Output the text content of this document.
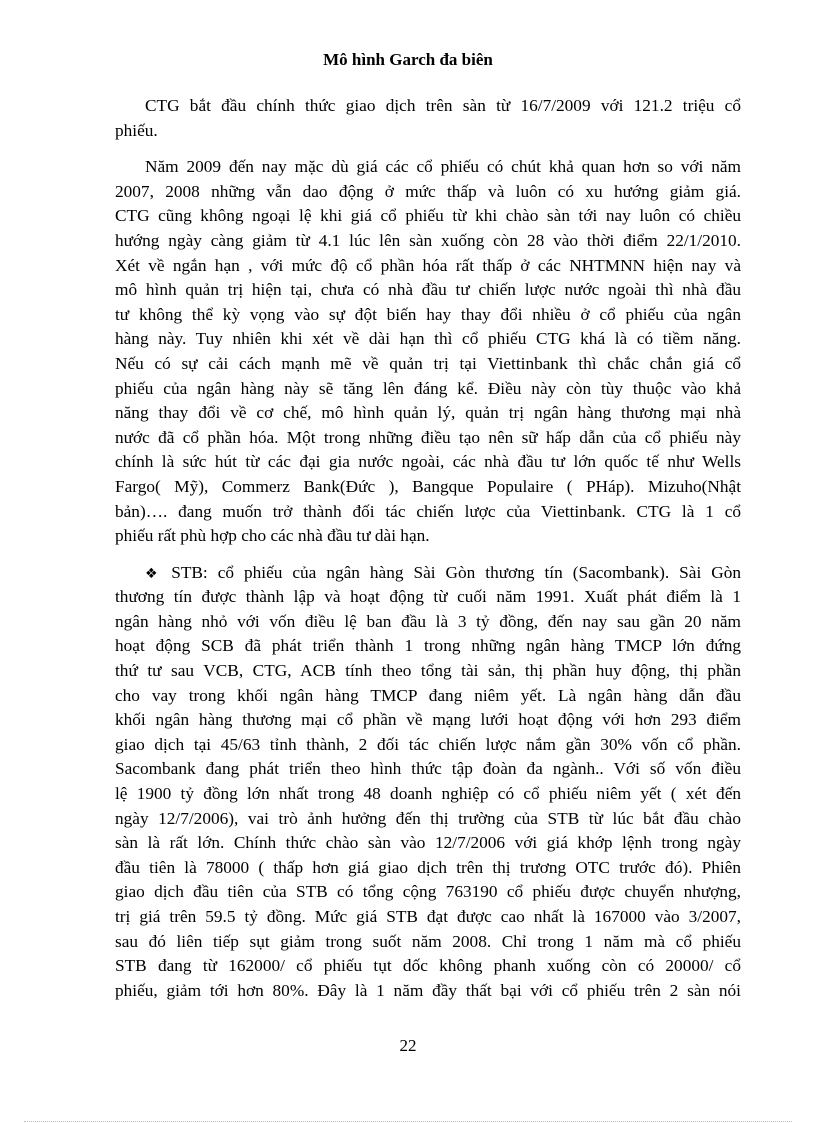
Mô hình Garch đa biên
CTG bắt đầu chính thức giao dịch trên sàn từ 16/7/2009 với 121.2 triệu cổ
phiếu.
Năm 2009 đến nay mặc dù giá các cổ phiếu có chút khả quan hơn so với năm
2007, 2008 những vẫn dao động ở mức thấp và luôn có xu hướng giảm giá.
CTG cũng không ngoại lệ khi giá cổ phiếu từ khi chào sàn tới nay luôn có chiều
hướng ngày càng giảm từ 4.1 lúc lên sàn xuống còn 28 vào thời điểm 22/1/2010.
Xét về ngắn hạn , với mức độ cổ phần hóa rất thấp ở các NHTMNN hiện nay và
mô hình quản trị hiện tại, chưa có nhà đầu tư chiến lược nước ngoài thì nhà đầu
tư không thể kỳ vọng vào sự đột biến hay thay đổi nhiều ở cổ phiếu của ngân
hàng này. Tuy nhiên khi xét về dài hạn thì cổ phiếu CTG khá là có tiềm năng.
Nếu có sự cải cách mạnh mẽ về quản trị tại Viettinbank thì chắc chắn giá cổ
phiếu của ngân hàng này sẽ tăng lên đáng kể. Điều này còn tùy thuộc vào khả
năng thay đổi về cơ chế, mô hình quản lý, quản trị ngân hàng thương mại nhà
nước đã cổ phần hóa. Một trong những điều tạo nên sữ hấp dẫn của cổ phiếu này
chính là sức hút từ các đại gia nước ngoài, các nhà đầu tư lớn quốc tế như Wells
Fargo( Mỹ), Commerz Bank(Đức ), Bangque Populaire ( PHáp). Mizuho(Nhật
bản)…. đang muốn trở thành đối tác chiến lược của Viettinbank. CTG là 1 cổ
phiếu rất phù hợp cho các nhà đầu tư dài hạn.
❖ STB: cổ phiếu của ngân hàng Sài Gòn thương tín (Sacombank). Sài Gòn
thương tín được thành lập và hoạt động từ cuối năm 1991. Xuất phát điểm là 1
ngân hàng nhỏ với vốn điều lệ ban đầu là 3 tỷ đồng, đến nay sau gần 20 năm
hoạt động SCB đã phát triển thành 1 trong những ngân hàng TMCP lớn đứng
thứ tư sau VCB, CTG, ACB tính theo tổng tài sản, thị phần huy động, thị phần
cho vay trong khối ngân hàng TMCP đang niêm yết. Là ngân hàng dẫn đầu
khối ngân hàng thương mại cổ phần về mạng lưới hoạt động với hơn 293 điểm
giao dịch tại 45/63 tỉnh thành, 2 đối tác chiến lược nắm gần 30% vốn cổ phần.
Sacombank đang phát triển theo hình thức tập đoàn đa ngành.. Với số vốn điều
lệ 1900 tỷ đồng lớn nhất trong 48 doanh nghiệp có cổ phiếu niêm yết ( xét đến
ngày 12/7/2006), vai trò ảnh hưởng đến thị trường của STB từ lúc bắt đầu chào
sàn là rất lớn. Chính thức chào sàn vào 12/7/2006 với giá khớp lệnh trong ngày
đầu tiên là 78000 ( thấp hơn giá giao dịch trên thị trương OTC trước đó). Phiên
giao dịch đầu tiên của STB có tổng cộng 763190 cổ phiếu được chuyển nhượng,
trị giá trên 59.5 tỷ đồng. Mức giá STB đạt được cao nhất là 167000 vào 3/2007,
sau đó liên tiếp sụt giảm trong suốt năm 2008. Chỉ trong 1 năm mà cổ phiếu
STB đang từ 162000/ cổ phiếu tụt dốc không phanh xuống còn có 20000/ cổ
phiếu, giảm tới hơn 80%. Đây là 1 năm đầy thất bại với cổ phiếu trên 2 sàn nói
22
